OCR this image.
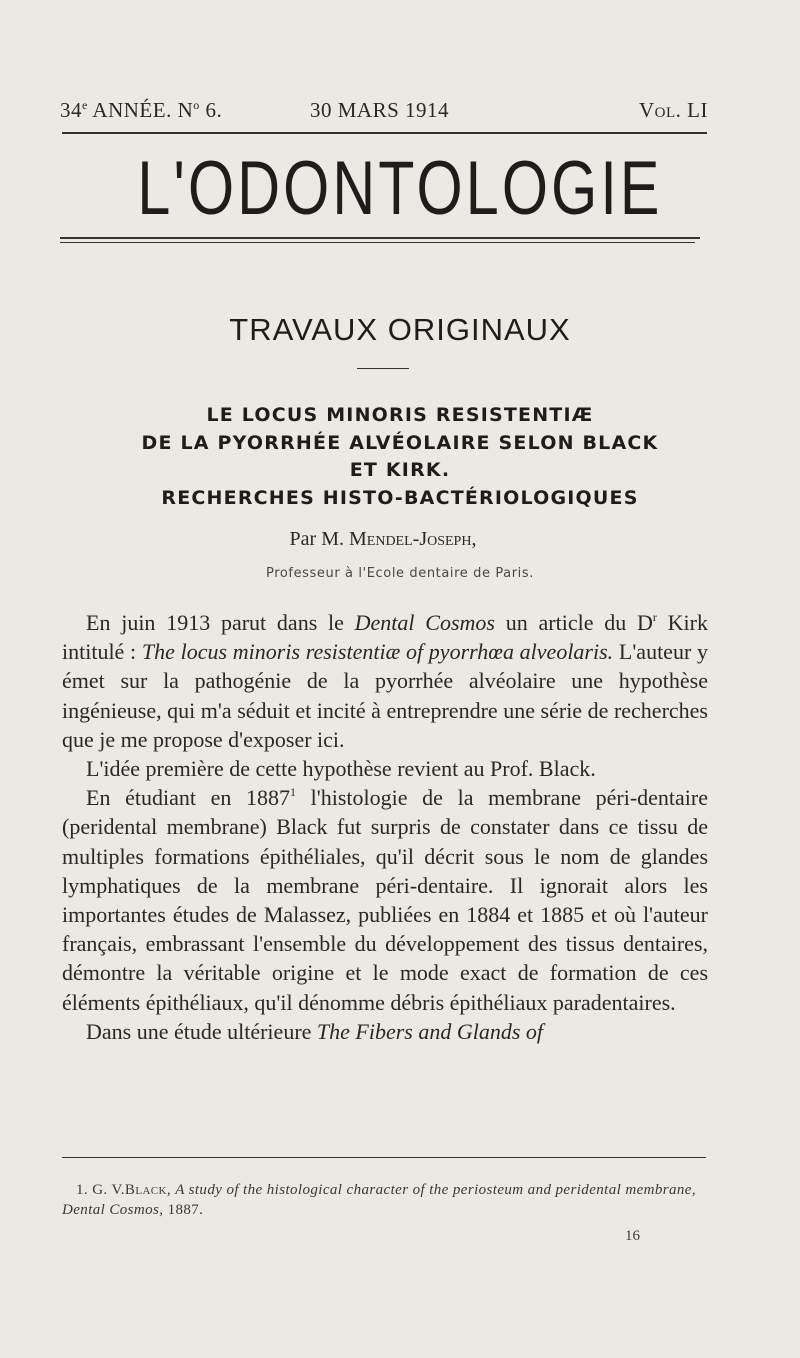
34e ANNÉE. $N^o$ 6.	30 MARS 1914	Vol. LI
L'ODONTOLOGIE
TRAVAUX ORIGINAUX
LE LOCUS MINORIS RESISTENTIÆ
DE LA PYORRHÉE ALVÉOLAIRE SELON BLACK
ET KIRK.
RECHERCHES HISTO-BACTÉRIOLOGIQUES
Par M. Mendel-Joseph,
Professeur à l'Ecole dentaire de Paris.

En juin 1913 parut dans le Dental Cosmos un article du $D^r$ Kirk intitulé : The locus minoris resistentiæ of pyorrhœa alveolaris. L'auteur y émet sur la pathogénie de la pyorrhée alvéolaire une hypothèse ingénieuse, qui m'a séduit et incité à entreprendre une série de recherches que je me propose d'exposer ici.

L'idée première de cette hypothèse revient au Prof. Black.

En étudiant en 1887$^1$ l'histologie de la membrane péri-dentaire (peridental membrane) Black fut surpris de constater dans ce tissu de multiples formations épithéliales, qu'il décrit sous le nom de glandes lymphatiques de la membrane péri-dentaire. Il ignorait alors les importantes études de Malassez, publiées en 1884 et 1885 et où l'auteur français, embrassant l'ensemble du développement des tissus dentaires, démontre la véritable origine et le mode exact de formation de ces éléments épithéliaux, qu'il dénomme débris épithéliaux paradentaires.

Dans une étude ultérieure The Fibers and Glands of

1. G. V.Black, A study of the histological character of the periosteum and peridental membrane, Dental Cosmos, 1887.
16
